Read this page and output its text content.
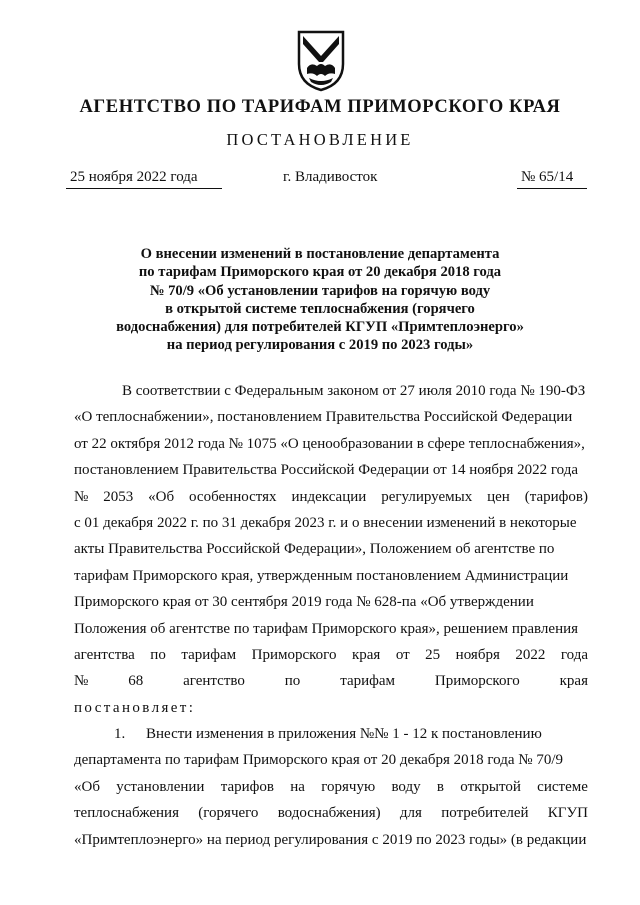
АГЕНТСТВО ПО ТАРИФАМ ПРИМОРСКОГО КРАЯ
ПОСТАНОВЛЕНИЕ
25 ноября 2022 года	г. Владивосток	№ 65/14
О внесении изменений в постановление департамента
по тарифам Приморского края от 20 декабря 2018 года
№ 70/9 «Об установлении тарифов на горячую воду
в открытой системе теплоснабжения (горячего
водоснабжения) для потребителей КГУП «Примтеплоэнерго»
на период регулирования с 2019 по 2023 годы»
В соответствии с Федеральным законом от 27 июля 2010 года № 190-ФЗ
«О теплоснабжении», постановлением Правительства Российской Федерации
от 22 октября 2012 года № 1075 «О ценообразовании в сфере теплоснабжения»,
постановлением Правительства Российской Федерации от 14 ноября 2022 года
№ 2053 «Об особенностях индексации регулируемых цен (тарифов)
с 01 декабря 2022 г. по 31 декабря 2023 г. и о внесении изменений в некоторые
акты Правительства Российской Федерации», Положением об агентстве по
тарифам Приморского края, утвержденным постановлением Администрации
Приморского края от 30 сентября 2019 года № 628-па «Об утверждении
Положения об агентстве по тарифам Приморского края», решением правления
агентства по тарифам Приморского края от 25 ноября 2022 года
№	68	агентство	по	тарифам	Приморского	края
постановляет:
1.	Внести изменения в приложения №№ 1 - 12 к постановлению
департамента по тарифам Приморского края от 20 декабря 2018 года № 70/9
«Об установлении тарифов на горячую воду в открытой системе
теплоснабжения (горячего водоснабжения) для потребителей КГУП
«Примтеплоэнерго» на период регулирования с 2019 по 2023 годы» (в редакции
